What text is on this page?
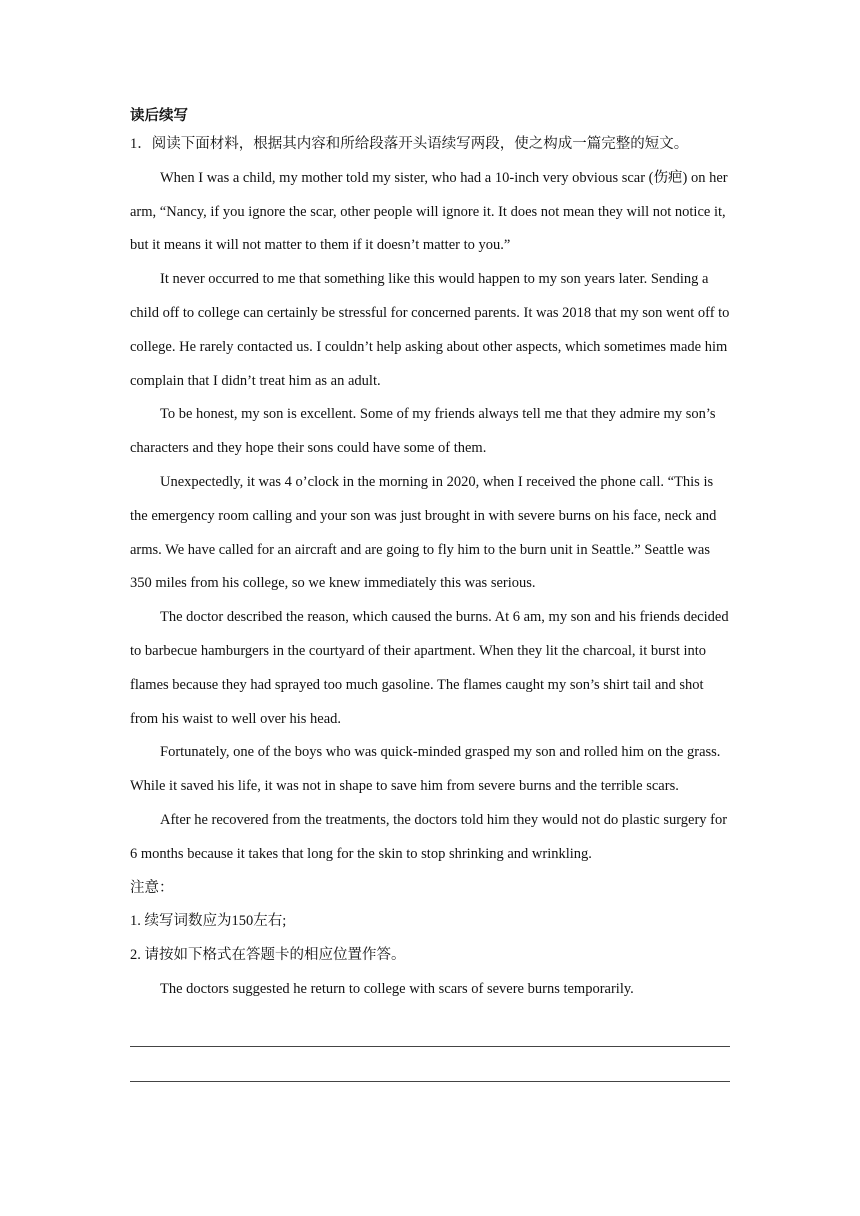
读后续写
1．阅读下面材料，根据其内容和所给段落开头语续写两段，使之构成一篇完整的短文。

When I was a child, my mother told my sister, who had a 10-inch very obvious scar (伤疤) on her arm, “Nancy, if you ignore the scar, other people will ignore it. It does not mean they will not notice it, but it means it will not matter to them if it doesn’t matter to you.”

It never occurred to me that something like this would happen to my son years later. Sending a child off to college can certainly be stressful for concerned parents. It was 2018 that my son went off to college. He rarely contacted us. I couldn’t help asking about other aspects, which sometimes made him complain that I didn’t treat him as an adult.

To be honest, my son is excellent. Some of my friends always tell me that they admire my son’s characters and they hope their sons could have some of them.

Unexpectedly, it was 4 o’clock in the morning in 2020, when I received the phone call. “This is the emergency room calling and your son was just brought in with severe burns on his face, neck and arms. We have called for an aircraft and are going to fly him to the burn unit in Seattle.” Seattle was 350 miles from his college, so we knew immediately this was serious.

The doctor described the reason, which caused the burns. At 6 am, my son and his friends decided to barbecue hamburgers in the courtyard of their apartment. When they lit the charcoal, it burst into flames because they had sprayed too much gasoline. The flames caught my son’s shirt tail and shot from his waist to well over his head.

Fortunately, one of the boys who was quick-minded grasped my son and rolled him on the grass. While it saved his life, it was not in shape to save him from severe burns and the terrible scars.

After he recovered from the treatments, the doctors told him they would not do plastic surgery for 6 months because it takes that long for the skin to stop shrinking and wrinkling.

注意：

1. 续写词数应为150左右;

2. 请按如下格式在答题卡的相应位置作答。

The doctors suggested he return to college with scars of severe burns temporarily.
